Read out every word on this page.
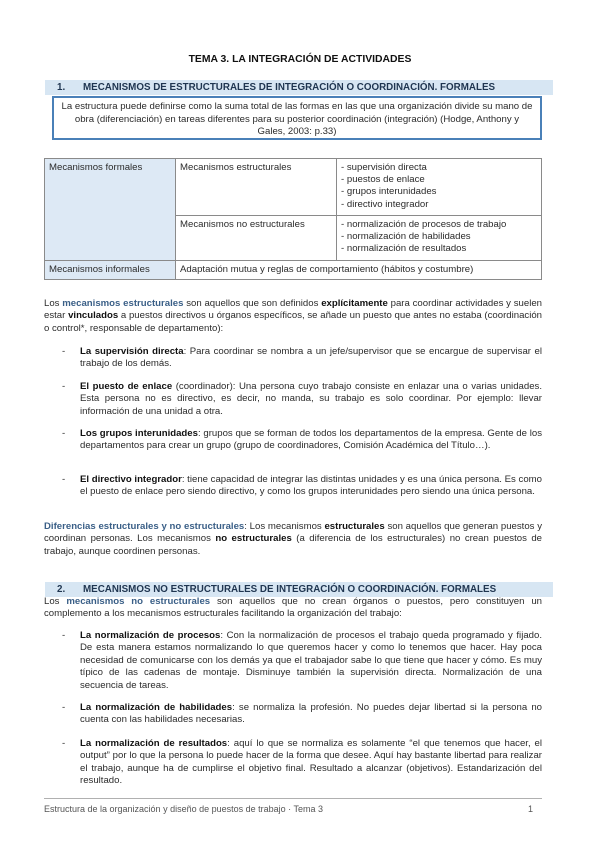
TEMA 3. LA INTEGRACIÓN DE ACTIVIDADES
1. MECANISMOS DE ESTRUCTURALES DE INTEGRACIÓN O COORDINACIÓN. FORMALES
La estructura puede definirse como la suma total de las formas en las que una organización divide su mano de obra (diferenciación) en tareas diferentes para su posterior coordinación (integración) (Hodge, Anthony y Gales, 2003: p.33)
Mecanismos formales	Mecanismos estructurales	- supervisión directa
- puestos de enlace
- grupos interunidades
- directivo integrador
	Mecanismos no estructurales	- normalización de procesos de trabajo
- normalización de habilidades
- normalización de resultados
Mecanismos informales	Adaptación mutua y reglas de comportamiento (hábitos y costumbre)	
Los mecanismos estructurales son aquellos que son definidos explícitamente para coordinar actividades y suelen estar vinculados a puestos directivos u órganos específicos, se añade un puesto que antes no estaba (coordinación o control*, responsable de departamento):
- La supervisión directa: Para coordinar se nombra a un jefe/supervisor que se encargue de supervisar el trabajo de los demás.
- El puesto de enlace (coordinador): Una persona cuyo trabajo consiste en enlazar una o varias unidades. Esta persona no es directivo, es decir, no manda, su trabajo es solo coordinar. Por ejemplo: llevar información de una unidad a otra.
- Los grupos interunidades: grupos que se forman de todos los departamentos de la empresa. Gente de los departamentos para crear un grupo (grupo de coordinadores, Comisión Académica del Título…).
- El directivo integrador: tiene capacidad de integrar las distintas unidades y es una única persona. Es como el puesto de enlace pero siendo directivo, y como los grupos interunidades pero siendo una única persona.
Diferencias estructurales y no estructurales: Los mecanismos estructurales son aquellos que generan puestos y coordinan personas. Los mecanismos no estructurales (a diferencia de los estructurales) no crean puestos de trabajo, aunque coordinen personas.
2. MECANISMOS NO ESTRUCTURALES DE INTEGRACIÓN O COORDINACIÓN. FORMALES
Los mecanismos no estructurales son aquellos que no crean órganos o puestos, pero constituyen un complemento a los mecanismos estructurales facilitando la organización del trabajo:
- La normalización de procesos: Con la normalización de procesos el trabajo queda programado y fijado. De esta manera estamos normalizando lo que queremos hacer y como lo tenemos que hacer. Hay poca necesidad de comunicarse con los demás ya que el trabajador sabe lo que tiene que hacer y cómo. Es muy típico de las cadenas de montaje. Disminuye también la supervisión directa. Normalización de una secuencia de tareas.
- La normalización de habilidades: se normaliza la profesión. No puedes dejar libertad si la persona no cuenta con las habilidades necesarias.
- La normalización de resultados: aquí lo que se normaliza es solamente “el que tenemos que hacer, el output” por lo que la persona lo puede hacer de la forma que desee. Aquí hay bastante libertad para realizar el trabajo, aunque ha de cumplirse el objetivo final. Resultado a alcanzar (objetivos). Estandarización del resultado.
Estructura de la organización y diseño de puestos de trabajo · Tema 3	1
